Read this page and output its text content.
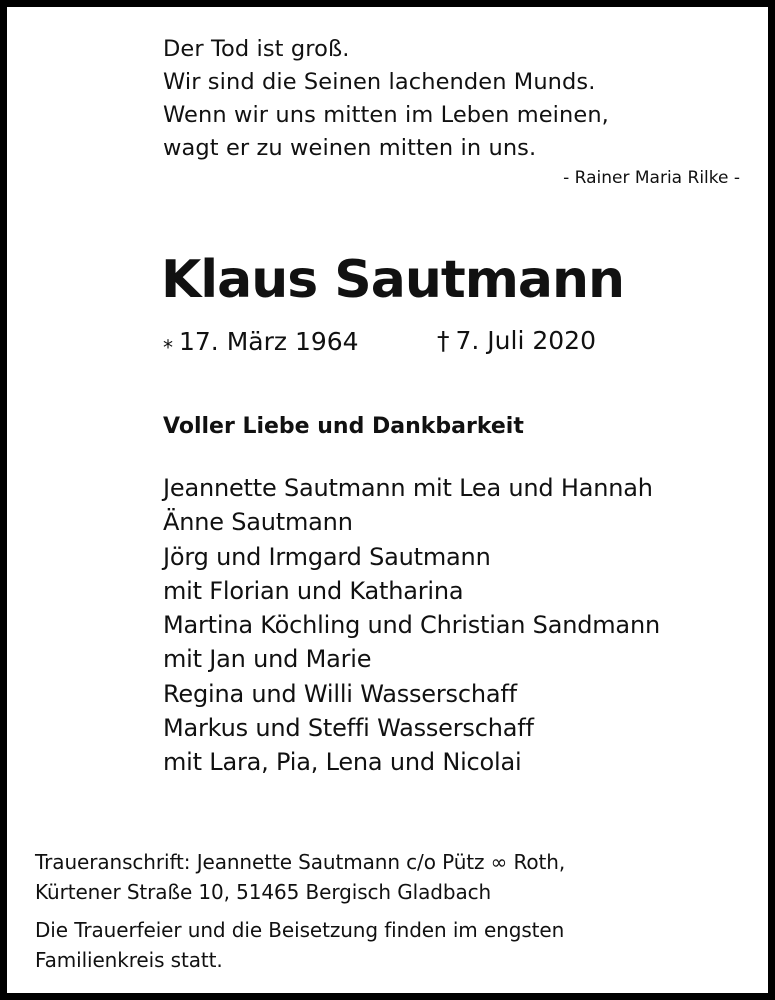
Der Tod ist groß.
Wir sind die Seinen lachenden Munds.
Wenn wir uns mitten im Leben meinen,
wagt er zu weinen mitten in uns.
- Rainer Maria Rilke -
Klaus Sautmann
⁎ 17. März 1964	† 7. Juli 2020
Voller Liebe und Dankbarkeit
Jeannette Sautmann mit Lea und Hannah
Änne Sautmann
Jörg und Irmgard Sautmann
mit Florian und Katharina
Martina Köchling und Christian Sandmann
mit Jan und Marie
Regina und Willi Wasserschaff
Markus und Steffi Wasserschaff
mit Lara, Pia, Lena und Nicolai
Traueranschrift: Jeannette Sautmann c/o Pütz ∞ Roth,
Kürtener Straße 10, 51465 Bergisch Gladbach
Die Trauerfeier und die Beisetzung finden im engsten
Familienkreis statt.
